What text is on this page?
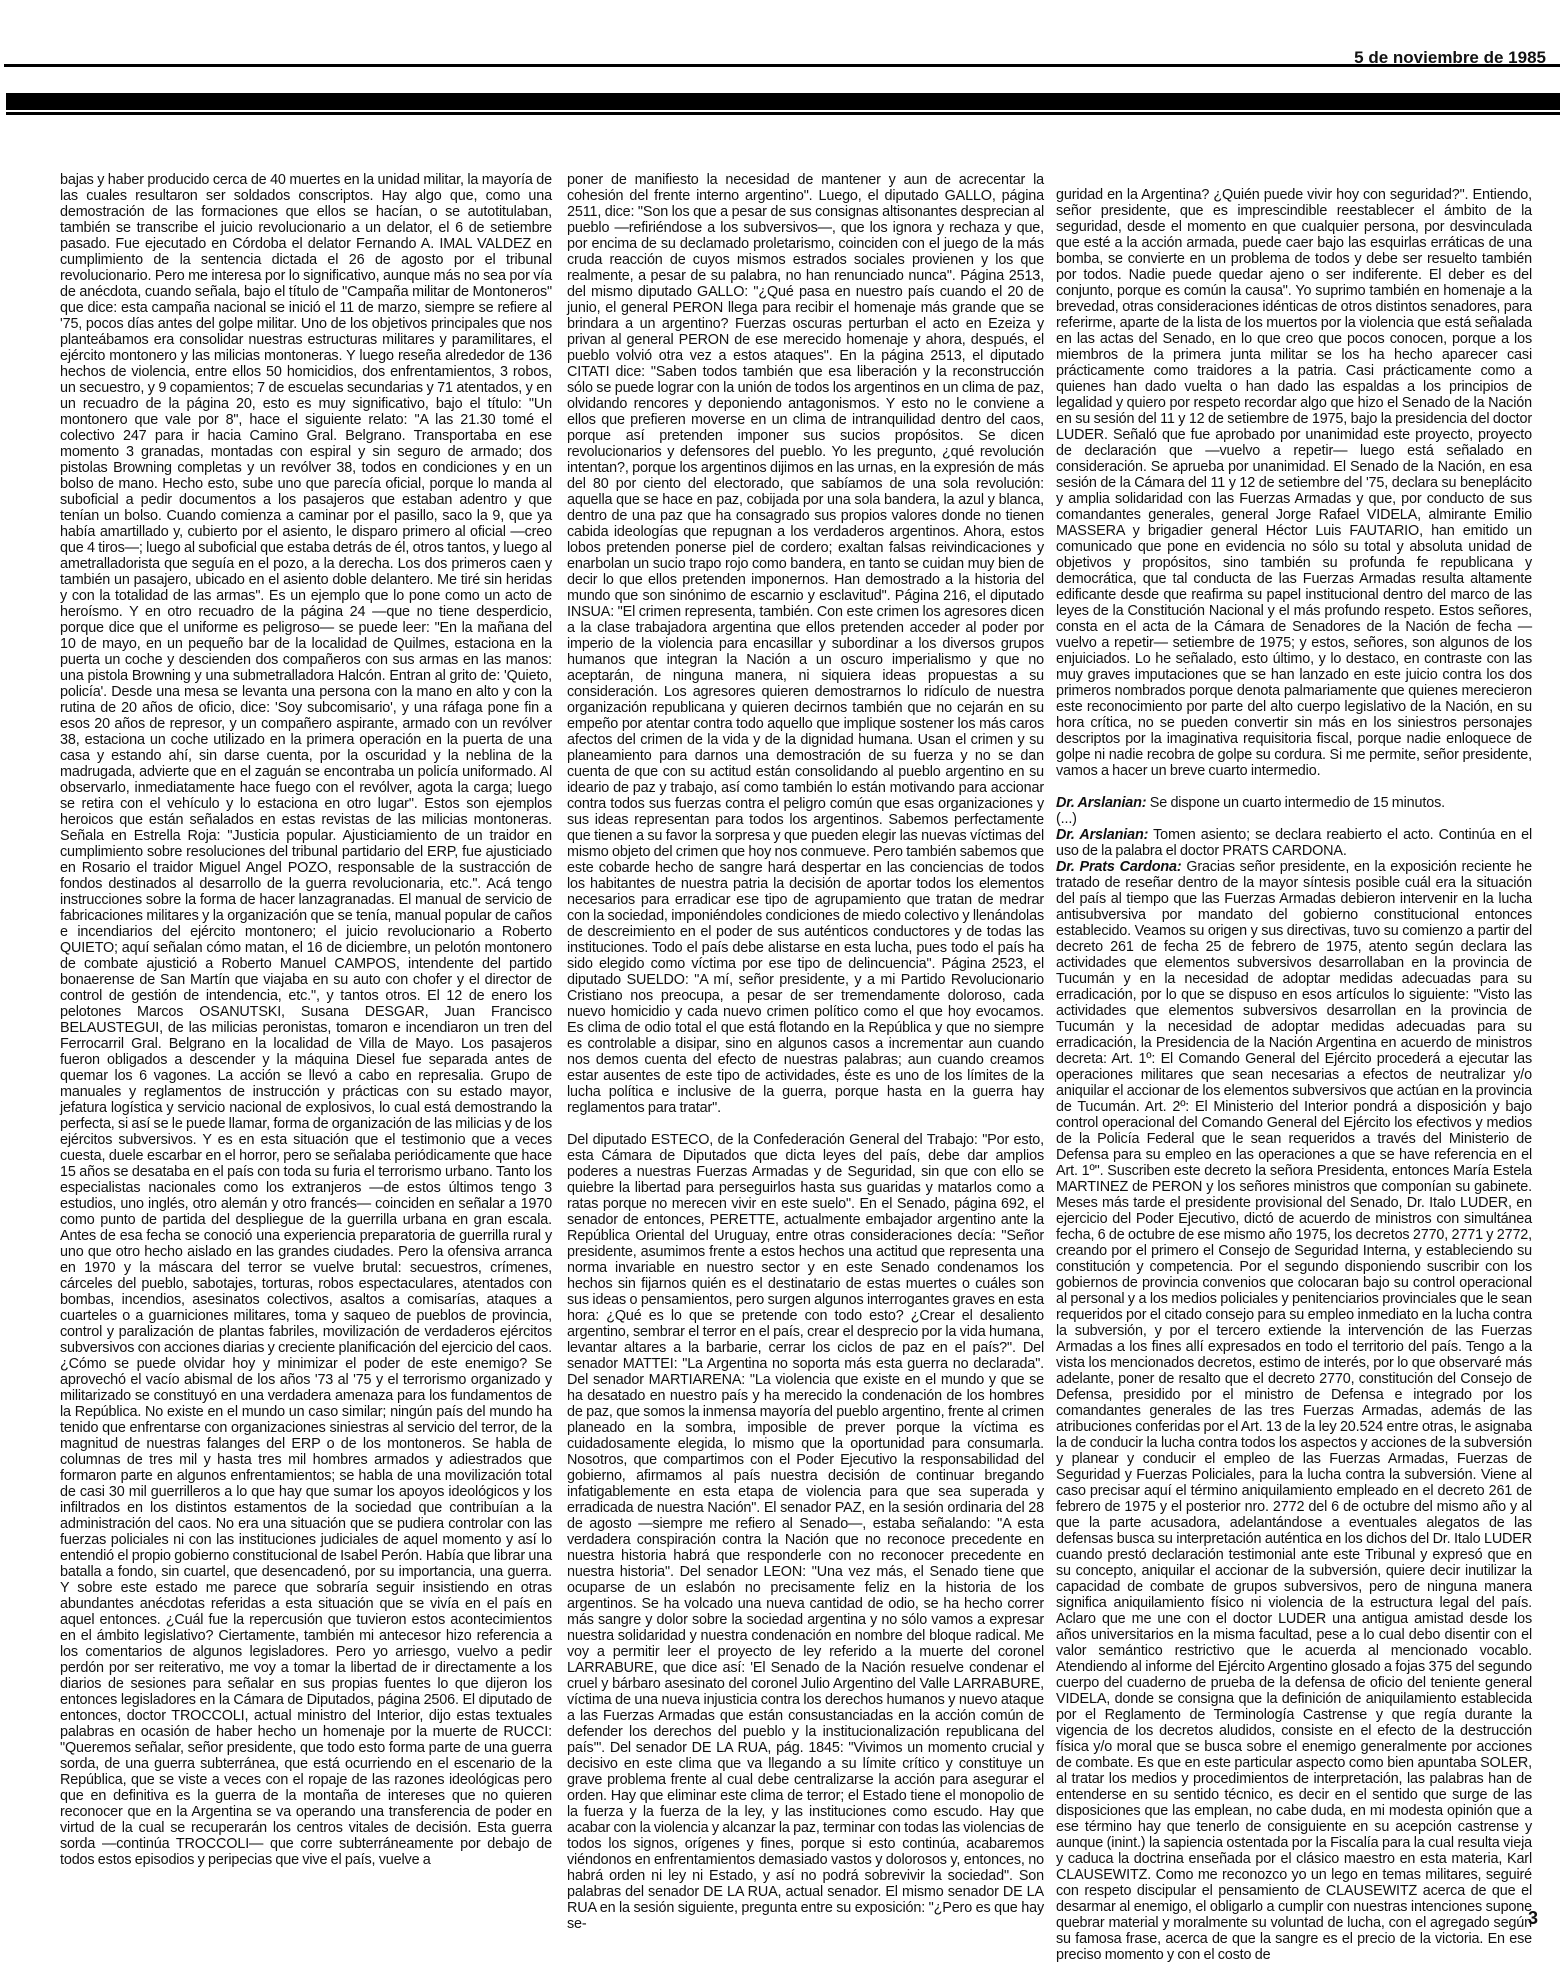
5 de noviembre de 1985

bajas y haber producido cerca de 40 muertes en la unidad militar, la mayoría de las cuales resultaron ser soldados conscriptos. Hay algo que, como una demostración de las formaciones que ellos se hacían, o se autotitulaban, también se transcribe el juicio revolucionario a un delator, el 6 de setiembre pasado. Fue ejecutado en Córdoba el delator Fernando A. IMAL VALDEZ en cumplimiento de la sentencia dictada el 26 de agosto por el tribunal revolucionario. Pero me interesa por lo significativo, aunque más no sea por vía de anécdota, cuando señala, bajo el título de "Campaña militar de Montoneros" que dice: esta campaña nacional se inició el 11 de marzo, siempre se refiere al '75, pocos días antes del golpe militar. Uno de los objetivos principales que nos planteábamos era consolidar nuestras estructuras militares y paramilitares, el ejército montonero y las milicias montoneras. Y luego reseña alrededor de 136 hechos de violencia, entre ellos 50 homicidios, dos enfrentamientos, 3 robos, un secuestro, y 9 copamientos; 7 de escuelas secundarias y 71 atentados, y en un recuadro de la página 20, esto es muy significativo, bajo el título: "Un montonero que vale por 8", hace el siguiente relato: "A las 21.30 tomé el colectivo 247 para ir hacia Camino Gral. Belgrano. Transportaba en ese momento 3 granadas, montadas con espiral y sin seguro de armado; dos pistolas Browning completas y un revólver 38, todos en condiciones y en un bolso de mano. Hecho esto, sube uno que parecía oficial, porque lo manda al suboficial a pedir documentos a los pasajeros que estaban adentro y que tenían un bolso. Cuando comienza a caminar por el pasillo, saco la 9, que ya había amartillado y, cubierto por el asiento, le disparo primero al oficial —creo que 4 tiros—; luego al suboficial que estaba detrás de él, otros tantos, y luego al ametralladorista que seguía en el pozo, a la derecha. Los dos primeros caen y también un pasajero, ubicado en el asiento doble delantero. Me tiré sin heridas y con la totalidad de las armas". Es un ejemplo que lo pone como un acto de heroísmo. Y en otro recuadro de la página 24 —que no tiene desperdicio, porque dice que el uniforme es peligroso— se puede leer: "En la mañana del 10 de mayo, en un pequeño bar de la localidad de Quilmes, estaciona en la puerta un coche y descienden dos compañeros con sus armas en las manos: una pistola Browning y una submetralladora Halcón. Entran al grito de: 'Quieto, policía'. Desde una mesa se levanta una persona con la mano en alto y con la rutina de 20 años de oficio, dice: 'Soy subcomisario', y una ráfaga pone fin a esos 20 años de represor, y un compañero aspirante, armado con un revólver 38, estaciona un coche utilizado en la primera operación en la puerta de una casa y estando ahí, sin darse cuenta, por la oscuridad y la neblina de la madrugada, advierte que en el zaguán se encontraba un policía uniformado. Al observarlo, inmediatamente hace fuego con el revólver, agota la carga; luego se retira con el vehículo y lo estaciona en otro lugar". Estos son ejemplos heroicos que están señalados en estas revistas de las milicias montoneras. Señala en Estrella Roja: "Justicia popular. Ajusticiamiento de un traidor en cumplimiento sobre resoluciones del tribunal partidario del ERP, fue ajusticiado en Rosario el traidor Miguel Angel POZO, responsable de la sustracción de fondos destinados al desarrollo de la guerra revolucionaria, etc.". Acá tengo instrucciones sobre la forma de hacer lanzagranadas. El manual de servicio de fabricaciones militares y la organización que se tenía, manual popular de caños e incendiarios del ejército montonero; el juicio revolucionario a Roberto QUIETO; aquí señalan cómo matan, el 16 de diciembre, un pelotón montonero de combate ajustició a Roberto Manuel CAMPOS, intendente del partido bonaerense de San Martín que viajaba en su auto con chofer y el director de control de gestión de intendencia, etc.", y tantos otros. El 12 de enero los pelotones Marcos OSANUTSKI, Susana DESGAR, Juan Francisco BELAUSTEGUI, de las milicias peronistas, tomaron e incendiaron un tren del Ferrocarril Gral. Belgrano en la localidad de Villa de Mayo. Los pasajeros fueron obligados a descender y la máquina Diesel fue separada antes de quemar los 6 vagones. La acción se llevó a cabo en represalia. Grupo de manuales y reglamentos de instrucción y prácticas con su estado mayor, jefatura logística y servicio nacional de explosivos, lo cual está demostrando la perfecta, si así se le puede llamar, forma de organización de las milicias y de los ejércitos subversivos. Y es en esta situación que el testimonio que a veces cuesta, duele escarbar en el horror, pero se señalaba periódicamente que hace 15 años se desataba en el país con toda su furia el terrorismo urbano. Tanto los especialistas nacionales como los extranjeros —de estos últimos tengo 3 estudios, uno inglés, otro alemán y otro francés— coinciden en señalar a 1970 como punto de partida del despliegue de la guerrilla urbana en gran escala. Antes de esa fecha se conoció una experiencia preparatoria de guerrilla rural y uno que otro hecho aislado en las grandes ciudades. Pero la ofensiva arranca en 1970 y la máscara del terror se vuelve brutal: secuestros, crímenes, cárceles del pueblo, sabotajes, torturas, robos espectaculares, atentados con bombas, incendios, asesinatos colectivos, asaltos a comisarías, ataques a cuarteles o a guarniciones militares, toma y saqueo de pueblos de provincia, control y paralización de plantas fabriles, movilización de verdaderos ejércitos subversivos con acciones diarias y creciente planificación del ejercicio del caos. ¿Cómo se puede olvidar hoy y minimizar el poder de este enemigo? Se aprovechó el vacío abismal de los años '73 al '75 y el terrorismo organizado y militarizado se constituyó en una verdadera amenaza para los fundamentos de la República. No existe en el mundo un caso similar; ningún país del mundo ha tenido que enfrentarse con organizaciones siniestras al servicio del terror, de la magnitud de nuestras falanges del ERP o de los montoneros. Se habla de columnas de tres mil y hasta tres mil hombres armados y adiestrados que formaron parte en algunos enfrentamientos; se habla de una movilización total de casi 30 mil guerrilleros a lo que hay que sumar los apoyos ideológicos y los infiltrados en los distintos estamentos de la sociedad que contribuían a la administración del caos. No era una situación que se pudiera controlar con las fuerzas policiales ni con las instituciones judiciales de aquel momento y así lo entendió el propio gobierno constitucional de Isabel Perón. Había que librar una batalla a fondo, sin cuartel, que desencadenó, por su importancia, una guerra. Y sobre este estado me parece que sobraría seguir insistiendo en otras abundantes anécdotas referidas a esta situación que se vivía en el país en aquel entonces. ¿Cuál fue la repercusión que tuvieron estos acontecimientos en el ámbito legislativo? Ciertamente, también mi antecesor hizo referencia a los comentarios de algunos legisladores. Pero yo arriesgo, vuelvo a pedir perdón por ser reiterativo, me voy a tomar la libertad de ir directamente a los diarios de sesiones para señalar en sus propias fuentes lo que dijeron los entonces legisladores en la Cámara de Diputados, página 2506. El diputado de entonces, doctor TROCCOLI, actual ministro del Interior, dijo estas textuales palabras en ocasión de haber hecho un homenaje por la muerte de RUCCI: "Queremos señalar, señor presidente, que todo esto forma parte de una guerra sorda, de una guerra subterránea, que está ocurriendo en el escenario de la República, que se viste a veces con el ropaje de las razones ideológicas pero que en definitiva es la guerra de la montaña de intereses que no quieren reconocer que en la Argentina se va operando una transferencia de poder en virtud de la cual se recuperarán los centros vitales de decisión. Esta guerra sorda —continúa TROCCOLI— que corre subterráneamente por debajo de todos estos episodios y peripecias que vive el país, vuelve a

poner de manifiesto la necesidad de mantener y aun de acrecentar la cohesión del frente interno argentino". Luego, el diputado GALLO, página 2511, dice: "Son los que a pesar de sus consignas altisonantes desprecian al pueblo —refiriéndose a los subversivos—, que los ignora y rechaza y que, por encima de su declamado proletarismo, coinciden con el juego de la más cruda reacción de cuyos mismos estrados sociales provienen y los que realmente, a pesar de su palabra, no han renunciado nunca". Página 2513, del mismo diputado GALLO: "¿Qué pasa en nuestro país cuando el 20 de junio, el general PERON llega para recibir el homenaje más grande que se brindara a un argentino? Fuerzas oscuras perturban el acto en Ezeiza y privan al general PERON de ese merecido homenaje y ahora, después, el pueblo volvió otra vez a estos ataques". En la página 2513, el diputado CITATI dice: "Saben todos también que esa liberación y la reconstrucción sólo se puede lograr con la unión de todos los argentinos en un clima de paz, olvidando rencores y deponiendo antagonismos. Y esto no le conviene a ellos que prefieren moverse en un clima de intranquilidad dentro del caos, porque así pretenden imponer sus sucios propósitos. Se dicen revolucionarios y defensores del pueblo. Yo les pregunto, ¿qué revolución intentan?, porque los argentinos dijimos en las urnas, en la expresión de más del 80 por ciento del electorado, que sabíamos de una sola revolución: aquella que se hace en paz, cobijada por una sola bandera, la azul y blanca, dentro de una paz que ha consagrado sus propios valores donde no tienen cabida ideologías que repugnan a los verdaderos argentinos. Ahora, estos lobos pretenden ponerse piel de cordero; exaltan falsas reivindicaciones y enarbolan un sucio trapo rojo como bandera, en tanto se cuidan muy bien de decir lo que ellos pretenden imponernos. Han demostrado a la historia del mundo que son sinónimo de escarnio y esclavitud". Página 216, el diputado INSUA: "El crimen representa, también. Con este crimen los agresores dicen a la clase trabajadora argentina que ellos pretenden acceder al poder por imperio de la violencia para encasillar y subordinar a los diversos grupos humanos que integran la Nación a un oscuro imperialismo y que no aceptarán, de ninguna manera, ni siquiera ideas propuestas a su consideración. Los agresores quieren demostrarnos lo ridículo de nuestra organización republicana y quieren decirnos también que no cejarán en su empeño por atentar contra todo aquello que implique sostener los más caros afectos del crimen de la vida y de la dignidad humana. Usan el crimen y su planeamiento para darnos una demostración de su fuerza y no se dan cuenta de que con su actitud están consolidando al pueblo argentino en su ideario de paz y trabajo, así como también lo están motivando para accionar contra todos sus fuerzas contra el peligro común que esas organizaciones y sus ideas representan para todos los argentinos. Sabemos perfectamente que tienen a su favor la sorpresa y que pueden elegir las nuevas víctimas del mismo objeto del crimen que hoy nos conmueve. Pero también sabemos que este cobarde hecho de sangre hará despertar en las conciencias de todos los habitantes de nuestra patria la decisión de aportar todos los elementos necesarios para erradicar ese tipo de agrupamiento que tratan de medrar con la sociedad, imponiéndoles condiciones de miedo colectivo y llenándolas de descreimiento en el poder de sus auténticos conductores y de todas las instituciones. Todo el país debe alistarse en esta lucha, pues todo el país ha sido elegido como víctima por ese tipo de delincuencia". Página 2523, el diputado SUELDO: "A mí, señor presidente, y a mi Partido Revolucionario Cristiano nos preocupa, a pesar de ser tremendamente doloroso, cada nuevo homicidio y cada nuevo crimen político como el que hoy evocamos. Es clima de odio total el que está flotando en la República y que no siempre es controlable a disipar, sino en algunos casos a incrementar aun cuando nos demos cuenta del efecto de nuestras palabras; aun cuando creamos estar ausentes de este tipo de actividades, éste es uno de los límites de la lucha política e inclusive de la guerra, porque hasta en la guerra hay reglamentos para tratar".

Del diputado ESTECO, de la Confederación General del Trabajo: "Por esto, esta Cámara de Diputados que dicta leyes del país, debe dar amplios poderes a nuestras Fuerzas Armadas y de Seguridad, sin que con ello se quiebre la libertad para perseguirlos hasta sus guaridas y matarlos como a ratas porque no merecen vivir en este suelo". En el Senado, página 692, el senador de entonces, PERETTE, actualmente embajador argentino ante la República Oriental del Uruguay, entre otras consideraciones decía: "Señor presidente, asumimos frente a estos hechos una actitud que representa una norma invariable en nuestro sector y en este Senado condenamos los hechos sin fijarnos quién es el destinatario de estas muertes o cuáles son sus ideas o pensamientos, pero surgen algunos interrogantes graves en esta hora: ¿Qué es lo que se pretende con todo esto? ¿Crear el desaliento argentino, sembrar el terror en el país, crear el desprecio por la vida humana, levantar altares a la barbarie, cerrar los ciclos de paz en el país?". Del senador MATTEI: "La Argentina no soporta más esta guerra no declarada". Del senador MARTIARENA: "La violencia que existe en el mundo y que se ha desatado en nuestro país y ha merecido la condenación de los hombres de paz, que somos la inmensa mayoría del pueblo argentino, frente al crimen planeado en la sombra, imposible de prever porque la víctima es cuidadosamente elegida, lo mismo que la oportunidad para consumarla. Nosotros, que compartimos con el Poder Ejecutivo la responsabilidad del gobierno, afirmamos al país nuestra decisión de continuar bregando infatigablemente en esta etapa de violencia para que sea superada y erradicada de nuestra Nación". El senador PAZ, en la sesión ordinaria del 28 de agosto —siempre me refiero al Senado—, estaba señalando: "A esta verdadera conspiración contra la Nación que no reconoce precedente en nuestra historia habrá que responderle con no reconocer precedente en nuestra historia". Del senador LEON: "Una vez más, el Senado tiene que ocuparse de un eslabón no precisamente feliz en la historia de los argentinos. Se ha volcado una nueva cantidad de odio, se ha hecho correr más sangre y dolor sobre la sociedad argentina y no sólo vamos a expresar nuestra solidaridad y nuestra condenación en nombre del bloque radical. Me voy a permitir leer el proyecto de ley referido a la muerte del coronel LARRABURE, que dice así: 'El Senado de la Nación resuelve condenar el cruel y bárbaro asesinato del coronel Julio Argentino del Valle LARRABURE, víctima de una nueva injusticia contra los derechos humanos y nuevo ataque a las Fuerzas Armadas que están consustanciadas en la acción común de defender los derechos del pueblo y la institucionalización republicana del país'". Del senador DE LA RUA, pág. 1845: "Vivimos un momento crucial y decisivo en este clima que va llegando a su límite crítico y constituye un grave problema frente al cual debe centralizarse la acción para asegurar el orden. Hay que eliminar este clima de terror; el Estado tiene el monopolio de la fuerza y la fuerza de la ley, y las instituciones como escudo. Hay que acabar con la violencia y alcanzar la paz, terminar con todas las violencias de todos los signos, orígenes y fines, porque si esto continúa, acabaremos viéndonos en enfrentamientos demasiado vastos y dolorosos y, entonces, no habrá orden ni ley ni Estado, y así no podrá sobrevivir la sociedad". Son palabras del senador DE LA RUA, actual senador. El mismo senador DE LA RUA en la sesión siguiente, pregunta entre su exposición: "¿Pero es que hay se-

guridad en la Argentina? ¿Quién puede vivir hoy con seguridad?". Entiendo, señor presidente, que es imprescindible reestablecer el ámbito de la seguridad, desde el momento en que cualquier persona, por desvinculada que esté a la acción armada, puede caer bajo las esquirlas erráticas de una bomba, se convierte en un problema de todos y debe ser resuelto también por todos. Nadie puede quedar ajeno o ser indiferente. El deber es del conjunto, porque es común la causa". Yo suprimo también en homenaje a la brevedad, otras consideraciones idénticas de otros distintos senadores, para referirme, aparte de la lista de los muertos por la violencia que está señalada en las actas del Senado, en lo que creo que pocos conocen, porque a los miembros de la primera junta militar se los ha hecho aparecer casi prácticamente como traidores a la patria. Casi prácticamente como a quienes han dado vuelta o han dado las espaldas a los principios de legalidad y quiero por respeto recordar algo que hizo el Senado de la Nación en su sesión del 11 y 12 de setiembre de 1975, bajo la presidencia del doctor LUDER. Señaló que fue aprobado por unanimidad este proyecto, proyecto de declaración que —vuelvo a repetir— luego está señalado en consideración. Se aprueba por unanimidad. El Senado de la Nación, en esa sesión de la Cámara del 11 y 12 de setiembre del '75, declara su beneplácito y amplia solidaridad con las Fuerzas Armadas y que, por conducto de sus comandantes generales, general Jorge Rafael VIDELA, almirante Emilio MASSERA y brigadier general Héctor Luis FAUTARIO, han emitido un comunicado que pone en evidencia no sólo su total y absoluta unidad de objetivos y propósitos, sino también su profunda fe republicana y democrática, que tal conducta de las Fuerzas Armadas resulta altamente edificante desde que reafirma su papel institucional dentro del marco de las leyes de la Constitución Nacional y el más profundo respeto. Estos señores, consta en el acta de la Cámara de Senadores de la Nación de fecha —vuelvo a repetir— setiembre de 1975; y estos, señores, son algunos de los enjuiciados. Lo he señalado, esto último, y lo destaco, en contraste con las muy graves imputaciones que se han lanzado en este juicio contra los dos primeros nombrados porque denota palmariamente que quienes merecieron este reconocimiento por parte del alto cuerpo legislativo de la Nación, en su hora crítica, no se pueden convertir sin más en los siniestros personajes descriptos por la imaginativa requisitoria fiscal, porque nadie enloquece de golpe ni nadie recobra de golpe su cordura. Si me permite, señor presidente, vamos a hacer un breve cuarto intermedio.

Dr. Arslanian: Se dispone un cuarto intermedio de 15 minutos.

(...)

Dr. Arslanian: Tomen asiento; se declara reabierto el acto. Continúa en el uso de la palabra el doctor PRATS CARDONA.

Dr. Prats Cardona: Gracias señor presidente, en la exposición reciente he tratado de reseñar dentro de la mayor síntesis posible cuál era la situación del país al tiempo que las Fuerzas Armadas debieron intervenir en la lucha antisubversiva por mandato del gobierno constitucional entonces establecido. Veamos su origen y sus directivas, tuvo su comienzo a partir del decreto 261 de fecha 25 de febrero de 1975, atento según declara las actividades que elementos subversivos desarrollaban en la provincia de Tucumán y en la necesidad de adoptar medidas adecuadas para su erradicación, por lo que se dispuso en esos artículos lo siguiente: "Visto las actividades que elementos subversivos desarrollan en la provincia de Tucumán y la necesidad de adoptar medidas adecuadas para su erradicación, la Presidencia de la Nación Argentina en acuerdo de ministros decreta: Art. 1º: El Comando General del Ejército procederá a ejecutar las operaciones militares que sean necesarias a efectos de neutralizar y/o aniquilar el accionar de los elementos subversivos que actúan en la provincia de Tucumán. Art. 2º: El Ministerio del Interior pondrá a disposición y bajo control operacional del Comando General del Ejército los efectivos y medios de la Policía Federal que le sean requeridos a través del Ministerio de Defensa para su empleo en las operaciones a que se have referencia en el Art. 1º". Suscriben este decreto la señora Presidenta, entonces María Estela MARTINEZ de PERON y los señores ministros que componían su gabinete. Meses más tarde el presidente provisional del Senado, Dr. Italo LUDER, en ejercicio del Poder Ejecutivo, dictó de acuerdo de ministros con simultánea fecha, 6 de octubre de ese mismo año 1975, los decretos 2770, 2771 y 2772, creando por el primero el Consejo de Seguridad Interna, y estableciendo su constitución y competencia. Por el segundo disponiendo suscribir con los gobiernos de provincia convenios que colocaran bajo su control operacional al personal y a los medios policiales y penitenciarios provinciales que le sean requeridos por el citado consejo para su empleo inmediato en la lucha contra la subversión, y por el tercero extiende la intervención de las Fuerzas Armadas a los fines allí expresados en todo el territorio del país. Tengo a la vista los mencionados decretos, estimo de interés, por lo que observaré más adelante, poner de resalto que el decreto 2770, constitución del Consejo de Defensa, presidido por el ministro de Defensa e integrado por los comandantes generales de las tres Fuerzas Armadas, además de las atribuciones conferidas por el Art. 13 de la ley 20.524 entre otras, le asignaba la de conducir la lucha contra todos los aspectos y acciones de la subversión y planear y conducir el empleo de las Fuerzas Armadas, Fuerzas de Seguridad y Fuerzas Policiales, para la lucha contra la subversión. Viene al caso precisar aquí el término aniquilamiento empleado en el decreto 261 de febrero de 1975 y el posterior nro. 2772 del 6 de octubre del mismo año y al que la parte acusadora, adelantándose a eventuales alegatos de las defensas busca su interpretación auténtica en los dichos del Dr. Italo LUDER cuando prestó declaración testimonial ante este Tribunal y expresó que en su concepto, aniquilar el accionar de la subversión, quiere decir inutilizar la capacidad de combate de grupos subversivos, pero de ninguna manera significa aniquilamiento físico ni violencia de la estructura legal del país. Aclaro que me une con el doctor LUDER una antigua amistad desde los años universitarios en la misma facultad, pese a lo cual debo disentir con el valor semántico restrictivo que le acuerda al mencionado vocablo. Atendiendo al informe del Ejército Argentino glosado a fojas 375 del segundo cuerpo del cuaderno de prueba de la defensa de oficio del teniente general VIDELA, donde se consigna que la definición de aniquilamiento establecida por el Reglamento de Terminología Castrense y que regía durante la vigencia de los decretos aludidos, consiste en el efecto de la destrucción física y/o moral que se busca sobre el enemigo generalmente por acciones de combate. Es que en este particular aspecto como bien apuntaba SOLER, al tratar los medios y procedimientos de interpretación, las palabras han de entenderse en su sentido técnico, es decir en el sentido que surge de las disposiciones que las emplean, no cabe duda, en mi modesta opinión que a ese término hay que tenerlo de consiguiente en su acepción castrense y aunque (inint.) la sapiencia ostentada por la Fiscalía para la cual resulta vieja y caduca la doctrina enseñada por el clásico maestro en esta materia, Karl CLAUSEWITZ. Como me reconozco yo un lego en temas militares, seguiré con respeto discipular el pensamiento de CLAUSEWITZ acerca de que el desarmar al enemigo, el obligarlo a cumplir con nuestras intenciones supone quebrar material y moralmente su voluntad de lucha, con el agregado según su famosa frase, acerca de que la sangre es el precio de la victoria. En ese preciso momento y con el costo de

3
